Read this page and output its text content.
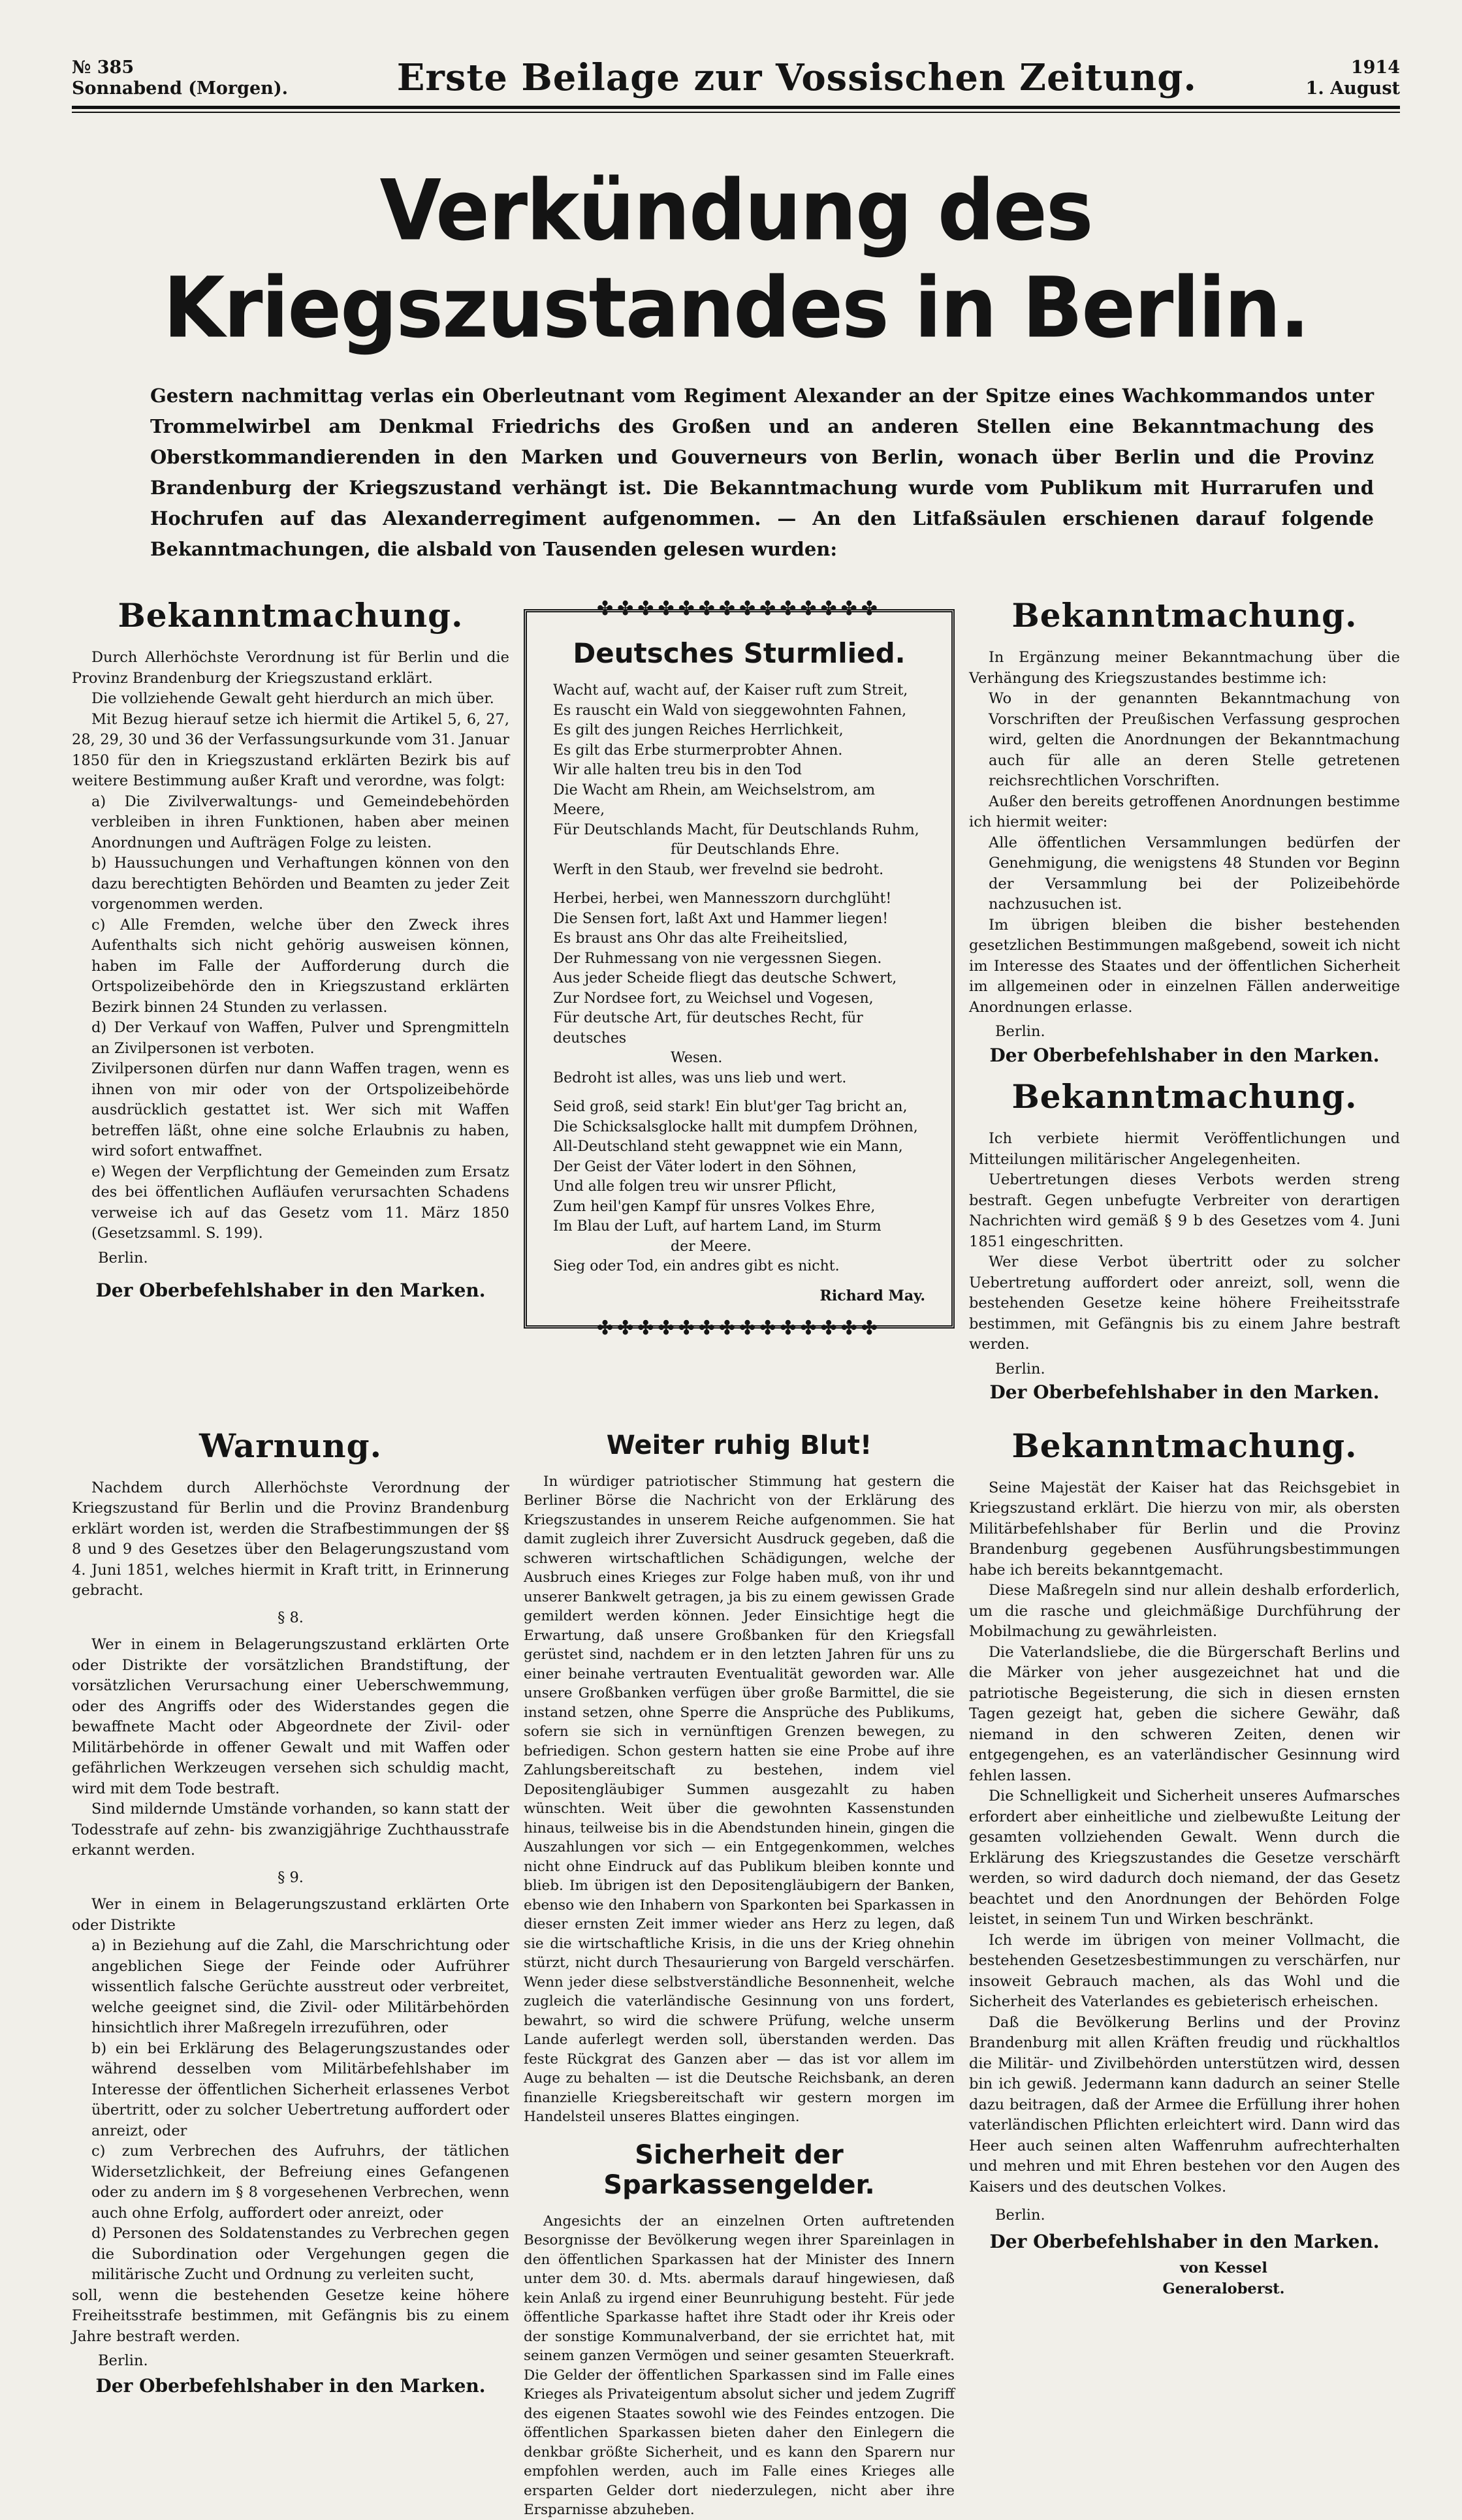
№ 385
Sonnabend (Morgen).	Erste Beilage zur Vossischen Zeitung.	1914
1. August
Verkündung des Kriegszustandes in Berlin.
Gestern nachmittag verlas ein Oberleutnant vom Regiment Alexander an der Spitze eines Wachkommandos unter Trommelwirbel am Denkmal Friedrichs des Großen und an anderen Stellen eine Bekanntmachung des Oberstkommandierenden in den Marken und Gouverneurs von Berlin, wonach über Berlin und die Provinz Brandenburg der Kriegszustand verhängt ist. Die Bekanntmachung wurde vom Publikum mit Hurrarufen und Hochrufen auf das Alexanderregiment aufgenommen. — An den Litfaßsäulen erschienen darauf folgende Bekanntmachungen, die alsbald von Tausenden gelesen wurden:
Bekanntmachung.

Durch Allerhöchste Verordnung ist für Berlin und die Provinz Brandenburg der Kriegszustand erklärt.

Die vollziehende Gewalt geht hierdurch an mich über.

Mit Bezug hierauf setze ich hiermit die Artikel 5, 6, 27, 28, 29, 30 und 36 der Verfassungsurkunde vom 31. Januar 1850 für den in Kriegszustand erklärten Bezirk bis auf weitere Bestimmung außer Kraft und verordne, was folgt:

a) Die Zivilverwaltungs- und Gemeindebehörden verbleiben in ihren Funktionen, haben aber meinen Anordnungen und Aufträgen Folge zu leisten.

b) Haussuchungen und Verhaftungen können von den dazu berechtigten Behörden und Beamten zu jeder Zeit vorgenommen werden.

c) Alle Fremden, welche über den Zweck ihres Aufenthalts sich nicht gehörig ausweisen können, haben im Falle der Aufforderung durch die Ortspolizeibehörde den in Kriegszustand erklärten Bezirk binnen 24 Stunden zu verlassen.

d) Der Verkauf von Waffen, Pulver und Sprengmitteln an Zivilpersonen ist verboten.

Zivilpersonen dürfen nur dann Waffen tragen, wenn es ihnen von mir oder von der Ortspolizeibehörde ausdrücklich gestattet ist. Wer sich mit Waffen betreffen läßt, ohne eine solche Erlaubnis zu haben, wird sofort entwaffnet.

e) Wegen der Verpflichtung der Gemeinden zum Ersatz des bei öffentlichen Aufläufen verursachten Schadens verweise ich auf das Gesetz vom 11. März 1850 (Gesetzsamml. S. 199).

Berlin.

Der Oberbefehlshaber in den Marken.

✤✤✤✤✤✤✤✤✤✤✤✤✤✤
Deutsches Sturmlied.

Wacht auf, wacht auf, der Kaiser ruft zum Streit,

Es rauscht ein Wald von sieggewohnten Fahnen,

Es gilt des jungen Reiches Herrlichkeit,

Es gilt das Erbe sturmerprobter Ahnen.

Wir alle halten treu bis in den Tod

Die Wacht am Rhein, am Weichselstrom, am Meere,

Für Deutschlands Macht, für Deutschlands Ruhm,

für Deutschlands Ehre.

Werft in den Staub, wer frevelnd sie bedroht.

Herbei, herbei, wen Mannesszorn durchglüht!

Die Sensen fort, laßt Axt und Hammer liegen!

Es braust ans Ohr das alte Freiheitslied,

Der Ruhmessang von nie vergessnen Siegen.

Aus jeder Scheide fliegt das deutsche Schwert,

Zur Nordsee fort, zu Weichsel und Vogesen,

Für deutsche Art, für deutsches Recht, für deutsches

Wesen.

Bedroht ist alles, was uns lieb und wert.

Seid groß, seid stark! Ein blut'ger Tag bricht an,

Die Schicksalsglocke hallt mit dumpfem Dröhnen,

All-Deutschland steht gewappnet wie ein Mann,

Der Geist der Väter lodert in den Söhnen,

Und alle folgen treu wir unsrer Pflicht,

Zum heil'gen Kampf für unsres Volkes Ehre,

Im Blau der Luft, auf hartem Land, im Sturm

der Meere.

Sieg oder Tod, ein andres gibt es nicht.

Richard May.
✤✤✤✤✤✤✤✤✤✤✤✤✤✤
Bekanntmachung.

In Ergänzung meiner Bekanntmachung über die Verhängung des Kriegszustandes bestimme ich:

Wo in der genannten Bekanntmachung von Vorschriften der Preußischen Verfassung gesprochen wird, gelten die Anordnungen der Bekanntmachung auch für alle an deren Stelle getretenen reichsrechtlichen Vorschriften.

Außer den bereits getroffenen Anordnungen bestimme ich hiermit weiter:

Alle öffentlichen Versammlungen bedürfen der Genehmigung, die wenigstens 48 Stunden vor Beginn der Versammlung bei der Polizeibehörde nachzusuchen ist.

Im übrigen bleiben die bisher bestehenden gesetzlichen Bestimmungen maßgebend, soweit ich nicht im Interesse des Staates und der öffentlichen Sicherheit im allgemeinen oder in einzelnen Fällen anderweitige Anordnungen erlasse.

Berlin.

Der Oberbefehlshaber in den Marken.

Bekanntmachung.

Ich verbiete hiermit Veröffentlichungen und Mitteilungen militärischer Angelegenheiten.

Uebertretungen dieses Verbots werden streng bestraft. Gegen unbefugte Verbreiter von derartigen Nachrichten wird gemäß § 9 b des Gesetzes vom 4. Juni 1851 eingeschritten.

Wer diese Verbot übertritt oder zu solcher Uebertretung auffordert oder anreizt, soll, wenn die bestehenden Gesetze keine höhere Freiheitsstrafe bestimmen, mit Gefängnis bis zu einem Jahre bestraft werden.

Berlin.

Der Oberbefehlshaber in den Marken.

Warnung.

Nachdem durch Allerhöchste Verordnung der Kriegszustand für Berlin und die Provinz Brandenburg erklärt worden ist, werden die Strafbestimmungen der §§ 8 und 9 des Gesetzes über den Belagerungszustand vom 4. Juni 1851, welches hiermit in Kraft tritt, in Erinnerung gebracht.

§ 8.

Wer in einem in Belagerungszustand erklärten Orte oder Distrikte der vorsätzlichen Brandstiftung, der vorsätzlichen Verursachung einer Ueberschwemmung, oder des Angriffs oder des Widerstandes gegen die bewaffnete Macht oder Abgeordnete der Zivil- oder Militärbehörde in offener Gewalt und mit Waffen oder gefährlichen Werkzeugen versehen sich schuldig macht, wird mit dem Tode bestraft.

Sind mildernde Umstände vorhanden, so kann statt der Todesstrafe auf zehn- bis zwanzigjährige Zuchthausstrafe erkannt werden.

§ 9.

Wer in einem in Belagerungszustand erklärten Orte oder Distrikte

a) in Beziehung auf die Zahl, die Marschrichtung oder angeblichen Siege der Feinde oder Aufrührer wissentlich falsche Gerüchte ausstreut oder verbreitet, welche geeignet sind, die Zivil- oder Militärbehörden hinsichtlich ihrer Maßregeln irrezuführen, oder

b) ein bei Erklärung des Belagerungszustandes oder während desselben vom Militärbefehlshaber im Interesse der öffentlichen Sicherheit erlassenes Verbot übertritt, oder zu solcher Uebertretung auffordert oder anreizt, oder

c) zum Verbrechen des Aufruhrs, der tätlichen Widersetzlichkeit, der Befreiung eines Gefangenen oder zu andern im § 8 vorgesehenen Verbrechen, wenn auch ohne Erfolg, auffordert oder anreizt, oder

d) Personen des Soldatenstandes zu Verbrechen gegen die Subordination oder Vergehungen gegen die militärische Zucht und Ordnung zu verleiten sucht,

soll, wenn die bestehenden Gesetze keine höhere Freiheitsstrafe bestimmen, mit Gefängnis bis zu einem Jahre bestraft werden.

Berlin.

Der Oberbefehlshaber in den Marken.

Weiter ruhig Blut!

In würdiger patriotischer Stimmung hat gestern die Berliner Börse die Nachricht von der Erklärung des Kriegszustandes in unserem Reiche aufgenommen. Sie hat damit zugleich ihrer Zuversicht Ausdruck gegeben, daß die schweren wirtschaftlichen Schädigungen, welche der Ausbruch eines Krieges zur Folge haben muß, von ihr und unserer Bankwelt getragen, ja bis zu einem gewissen Grade gemildert werden können. Jeder Einsichtige hegt die Erwartung, daß unsere Großbanken für den Kriegsfall gerüstet sind, nachdem er in den letzten Jahren für uns zu einer beinahe vertrauten Eventualität geworden war. Alle unsere Großbanken verfügen über große Barmittel, die sie instand setzen, ohne Sperre die Ansprüche des Publikums, sofern sie sich in vernünftigen Grenzen bewegen, zu befriedigen. Schon gestern hatten sie eine Probe auf ihre Zahlungsbereitschaft zu bestehen, indem viel Depositengläubiger Summen ausgezahlt zu haben wünschten. Weit über die gewohnten Kassenstunden hinaus, teilweise bis in die Abendstunden hinein, gingen die Auszahlungen vor sich — ein Entgegenkommen, welches nicht ohne Eindruck auf das Publikum bleiben konnte und blieb. Im übrigen ist den Depositengläubigern der Banken, ebenso wie den Inhabern von Sparkonten bei Sparkassen in dieser ernsten Zeit immer wieder ans Herz zu legen, daß sie die wirtschaftliche Krisis, in die uns der Krieg ohnehin stürzt, nicht durch Thesaurierung von Bargeld verschärfen. Wenn jeder diese selbstverständliche Besonnenheit, welche zugleich die vaterländische Gesinnung von uns fordert, bewahrt, so wird die schwere Prüfung, welche unserm Lande auferlegt werden soll, überstanden werden. Das feste Rückgrat des Ganzen aber — das ist vor allem im Auge zu behalten — ist die Deutsche Reichsbank, an deren finanzielle Kriegsbereitschaft wir gestern morgen im Handelsteil unseres Blattes eingingen.

Sicherheit der Sparkassengelder.

Angesichts der an einzelnen Orten auftretenden Besorgnisse der Bevölkerung wegen ihrer Spareinlagen in den öffentlichen Sparkassen hat der Minister des Innern unter dem 30. d. Mts. abermals darauf hingewiesen, daß kein Anlaß zu irgend einer Beunruhigung besteht. Für jede öffentliche Sparkasse haftet ihre Stadt oder ihr Kreis oder der sonstige Kommunalverband, der sie errichtet hat, mit seinem ganzen Vermögen und seiner gesamten Steuerkraft. Die Gelder der öffentlichen Sparkassen sind im Falle eines Krieges als Privateigentum absolut sicher und jedem Zugriff des eigenen Staates sowohl wie des Feindes entzogen. Die öffentlichen Sparkassen bieten daher den Einlegern die denkbar größte Sicherheit, und es kann den Sparern nur empfohlen werden, auch im Falle eines Krieges alle ersparten Gelder dort niederzulegen, nicht aber ihre Ersparnisse abzuheben.

Bekanntmachung.

Seine Majestät der Kaiser hat das Reichsgebiet in Kriegszustand erklärt. Die hierzu von mir, als obersten Militärbefehlshaber für Berlin und die Provinz Brandenburg gegebenen Ausführungsbestimmungen habe ich bereits bekanntgemacht.

Diese Maßregeln sind nur allein deshalb erforderlich, um die rasche und gleichmäßige Durchführung der Mobilmachung zu gewährleisten.

Die Vaterlandsliebe, die die Bürgerschaft Berlins und die Märker von jeher ausgezeichnet hat und die patriotische Begeisterung, die sich in diesen ernsten Tagen gezeigt hat, geben die sichere Gewähr, daß niemand in den schweren Zeiten, denen wir entgegengehen, es an vaterländischer Gesinnung wird fehlen lassen.

Die Schnelligkeit und Sicherheit unseres Aufmarsches erfordert aber einheitliche und zielbewußte Leitung der gesamten vollziehenden Gewalt. Wenn durch die Erklärung des Kriegszustandes die Gesetze verschärft werden, so wird dadurch doch niemand, der das Gesetz beachtet und den Anordnungen der Behörden Folge leistet, in seinem Tun und Wirken beschränkt.

Ich werde im übrigen von meiner Vollmacht, die bestehenden Gesetzesbestimmungen zu verschärfen, nur insoweit Gebrauch machen, als das Wohl und die Sicherheit des Vaterlandes es gebieterisch erheischen.

Daß die Bevölkerung Berlins und der Provinz Brandenburg mit allen Kräften freudig und rückhaltlos die Militär- und Zivilbehörden unterstützen wird, dessen bin ich gewiß. Jedermann kann dadurch an seiner Stelle dazu beitragen, daß der Armee die Erfüllung ihrer hohen vaterländischen Pflichten erleichtert wird. Dann wird das Heer auch seinen alten Waffenruhm aufrechterhalten und mehren und mit Ehren bestehen vor den Augen des Kaisers und des deutschen Volkes.

Berlin.

Der Oberbefehlshaber in den Marken.

von Kessel

Generaloberst.
